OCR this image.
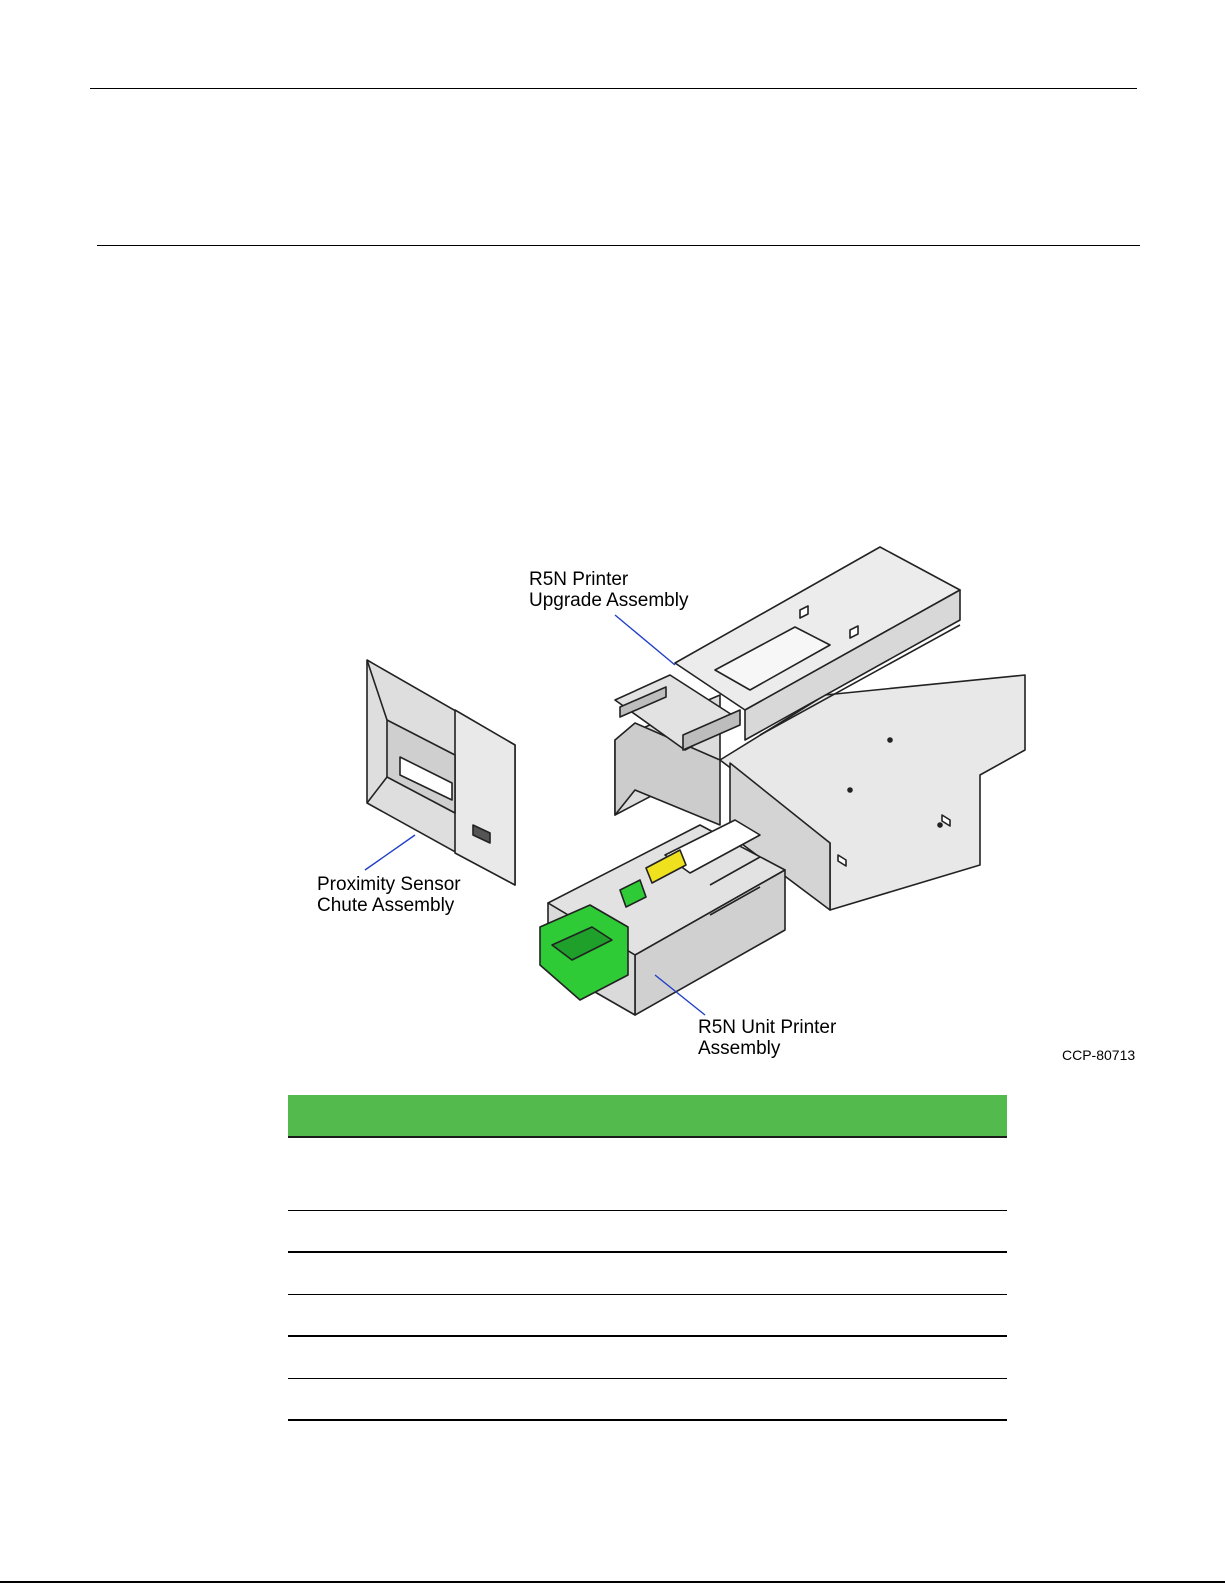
R5N Printer
Upgrade Assembly
Proximity Sensor
Chute Assembly
R5N Unit Printer
Assembly	CCP-80713
